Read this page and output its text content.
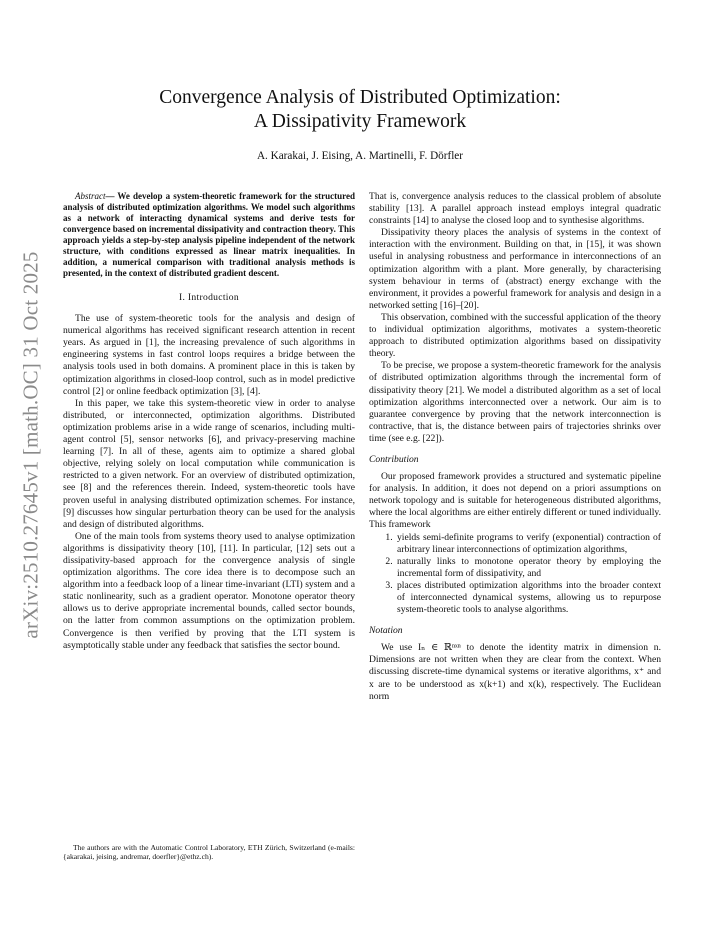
arXiv:2510.27645v1 [math.OC] 31 Oct 2025
Convergence Analysis of Distributed Optimization:
A Dissipativity Framework
A. Karakai, J. Eising, A. Martinelli, F. Dörfler

Abstract— We develop a system-theoretic framework for the structured analysis of distributed optimization algorithms. We model such algorithms as a network of interacting dynamical systems and derive tests for convergence based on incremental dissipativity and contraction theory. This approach yields a step-by-step analysis pipeline independent of the network structure, with conditions expressed as linear matrix inequalities. In addition, a numerical comparison with traditional analysis methods is presented, in the context of distributed gradient descent.

I. Introduction

The use of system-theoretic tools for the analysis and design of numerical algorithms has received significant research attention in recent years. As argued in [1], the increasing prevalence of such algorithms in engineering systems in fast control loops requires a bridge between the analysis tools used in both domains. A prominent place in this is taken by optimization algorithms in closed-loop control, such as in model predictive control [2] or online feedback optimization [3], [4].

In this paper, we take this system-theoretic view in order to analyse distributed, or interconnected, optimization algorithms. Distributed optimization problems arise in a wide range of scenarios, including multi-agent control [5], sensor networks [6], and privacy-preserving machine learning [7]. In all of these, agents aim to optimize a shared global objective, relying solely on local computation while communication is restricted to a given network. For an overview of distributed optimization, see [8] and the references therein. Indeed, system-theoretic tools have proven useful in analysing distributed optimization schemes. For instance, [9] discusses how singular perturbation theory can be used for the analysis and design of distributed algorithms.

One of the main tools from systems theory used to analyse optimization algorithms is dissipativity theory [10], [11]. In particular, [12] sets out a dissipativity-based approach for the convergence analysis of single optimization algorithms. The core idea there is to decompose such an algorithm into a feedback loop of a linear time-invariant (LTI) system and a static nonlinearity, such as a gradient operator. Monotone operator theory allows us to derive appropriate incremental bounds, called sector bounds, on the latter from common assumptions on the optimization problem. Convergence is then verified by proving that the LTI system is asymptotically stable under any feedback that satisfies the sector bound.

The authors are with the Automatic Control Laboratory, ETH Zürich, Switzerland (e-mails: {akarakai, jeising, andremar, doerfler}@ethz.ch).

That is, convergence analysis reduces to the classical problem of absolute stability [13]. A parallel approach instead employs integral quadratic constraints [14] to analyse the closed loop and to synthesise algorithms.

Dissipativity theory places the analysis of systems in the context of interaction with the environment. Building on that, in [15], it was shown useful in analysing robustness and performance in interconnections of an optimization algorithm with a plant. More generally, by characterising system behaviour in terms of (abstract) energy exchange with the environment, it provides a powerful framework for analysis and design in a networked setting [16]–[20].

This observation, combined with the successful application of the theory to individual optimization algorithms, motivates a system-theoretic approach to distributed optimization algorithms based on dissipativity theory.

To be precise, we propose a system-theoretic framework for the analysis of distributed optimization algorithms through the incremental form of dissipativity theory [21]. We model a distributed algorithm as a set of local optimization algorithms interconnected over a network. Our aim is to guarantee convergence by proving that the network interconnection is contractive, that is, the distance between pairs of trajectories shrinks over time (see e.g. [22]).

Contribution

Our proposed framework provides a structured and systematic pipeline for analysis. In addition, it does not depend on a priori assumptions on network topology and is suitable for heterogeneous distributed algorithms, where the local algorithms are either entirely different or tuned individually. This framework

1. yields semi-definite programs to verify (exponential) contraction of arbitrary linear interconnections of optimization algorithms,
2. naturally links to monotone operator theory by employing the incremental form of dissipativity, and
3. places distributed optimization algorithms into the broader context of interconnected dynamical systems, allowing us to repurpose system-theoretic tools to analyse algorithms.
Notation

We use Iₙ ∈ ℝⁿˣⁿ to denote the identity matrix in dimension n. Dimensions are not written when they are clear from the context. When discussing discrete-time dynamical systems or iterative algorithms, x⁺ and x are to be understood as x(k+1) and x(k), respectively. The Euclidean norm
